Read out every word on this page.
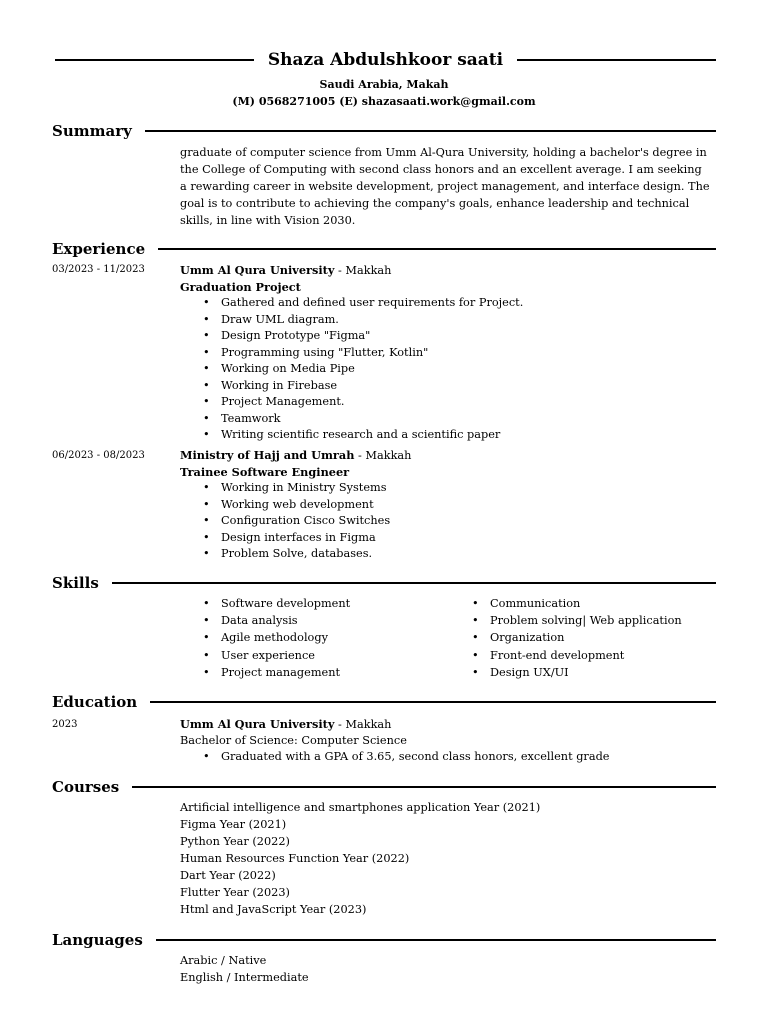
Shaza Abdulshkoor saati
Saudi Arabia, Makah
(M) 0568271005 (E) shazasaati.work@gmail.com
Summary
graduate of computer science from Umm Al-Qura University, holding a bachelor's degree in the College of Computing with second class honors and an excellent average. I am seeking a rewarding career in website development, project management, and interface design. The goal is to contribute to achieving the company's goals, enhance leadership and technical skills, in line with Vision 2030.
Experience
03/2023 - 11/2023	Umm Al Qura University - Makkah
Graduation Project
• Gathered and defined user requirements for Project.
• Draw UML diagram.
• Design Prototype "Figma"
• Programming using "Flutter, Kotlin"
• Working on Media Pipe
• Working in Firebase
• Project Management.
• Teamwork
• Writing scientific research and a scientific paper
06/2023 - 08/2023	Ministry of Hajj and Umrah - Makkah
Trainee Software Engineer
• Working in Ministry Systems
• Working web development
• Configuration Cisco Switches
• Design interfaces in Figma
• Problem Solve, databases.
Skills
• Software development
• Data analysis
• Agile methodology
• User experience
• Project management
• Communication
• Problem solving| Web application
• Organization
• Front-end development
• Design UX/UI
Education
2023	Umm Al Qura University - Makkah
Bachelor of Science: Computer Science
• Graduated with a GPA of 3.65, second class honors, excellent grade
Courses
Artificial intelligence and smartphones application Year (2021)
Figma Year (2021)
Python Year (2022)
Human Resources Function Year (2022)
Dart Year (2022)
Flutter Year (2023)
Html and JavaScript Year (2023)
Languages
Arabic / Native
English / Intermediate
